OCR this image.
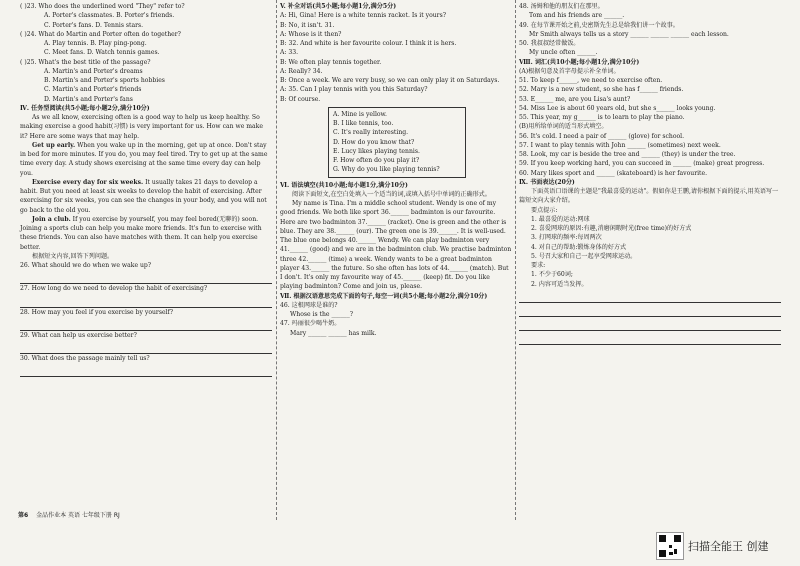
( )23. Who does the underlined word "They" refer to?

A. Porter's classmates. B. Porter's friends.

C. Porter's fans. D. Tennis stars.

( )24. What do Martin and Porter often do together?

A. Play tennis. B. Play ping-pong.

C. Meet fans. D. Watch tennis games.

( )25. What's the best title of the passage?

A. Martin's and Porter's dreams

B. Martin's and Porter's sports hobbies

C. Martin's and Porter's friends

D. Martin's and Porter's fans

Ⅳ. 任务型阅读(共5小题;每小题2分,满分10分)

As we all know, exercising often is a good way to help us keep healthy. So making exercise a good habit(习惯) is very important for us. How can we make it? Here are some ways that may help.

Get up early. When you wake up in the morning, get up at once. Don't stay in bed for more minutes. If you do, you may feel tired. Try to get up at the same time every day. A study shows exercising at the same time every day can help you.

Exercise every day for six weeks. It usually takes 21 days to develop a habit. But you need at least six weeks to develop the habit of exercising. After exercising for six weeks, you can see the changes in your body, and you will not go back to the old you.

Join a club. If you exercise by yourself, you may feel bored(无聊的) soon. Joining a sports club can help you make more friends. It's fun to exercise with these friends. You can also have matches with them. It can help you exercise better.

根据短文内容,回答下列问题。

26. What should we do when we wake up?

27. How long do we need to develop the habit of exercising?

28. How may you feel if you exercise by yourself?

29. What can help us exercise better?

30. What does the passage mainly tell us?

V. 补全对话(共5小题;每小题1分,满分5分)

A: Hi, Gina! Here is a white tennis racket. Is it yours?

B: No, it isn't. 31.

A: Whose is it then?

B: 32. And white is her favourite colour. I think it is hers.

A: 33.

B: We often play tennis together.

A: Really? 34.

B: Once a week. We are very busy, so we can only play it on Saturdays.

A: 35. Can I play tennis with you this Saturday?

B: Of course.

A. Mine is yellow.

B. I like tennis, too.

C. It's really interesting.

D. How do you know that?

E. Lucy likes playing tennis.

F. How often do you play it?

G. Why do you like playing tennis?

Ⅵ. 语法填空(共10小题;每小题1分,满分10分)

阅读下面短文,在空白处填入一个适当的词,或填入括号中单词的正确形式。

My name is Tina. I'm a middle school student. Wendy is one of my good friends. We both like sport 36.______ badminton is our favourite. Here are two badminton 37.______ (racket). One is green and the other is blue. They are 38.______ (our). The green one is 39.______. It is well-used. The blue one belongs 40.______ Wendy. We can play badminton very 41.______ (good) and we are in the badminton club. We practise badminton three 42.______ (time) a week. Wendy wants to be a great badminton player 43.______ the future. So she often has lots of 44.______ (match). But I don't. It's only my favourite way of 45.______ (keep) fit. Do you like playing badminton? Come and join us, please.

Ⅶ. 根据汉语意思完成下面的句子,每空一词(共5小题;每小题2分,满分10分)

46. 这根网球是谁的?

Whose is the ______?

47. 玛丽很少喝牛奶。

Mary ______ ______ has milk.

48. 汤姆和他的朋友们在那里。

Tom and his friends are ______.

49. 在每节课开始之前,史密斯先生总是给我们讲一个故事。

Mr Smith always tells us a story ______ ______ ______ each lesson.

50. 我叔叔经常做饭。

My uncle often ______.

Ⅷ. 词汇(共10小题;每小题1分,满分10分)

(A)根据句意及首字母提示补全单词。

51. To keep f______, we need to exercise often.

52. Mary is a new student, so she has f______ friends.

53. E______ me, are you Lisa's aunt?

54. Miss Lee is about 60 years old, but she s______ looks young.

55. This year, my g______ is to learn to play the piano.

(B)用所给单词的适当形式填空。

56. It's cold. I need a pair of ______ (glove) for school.

57. I want to play tennis with John ______ (sometimes) next week.

58. Look, my car is beside the tree and ______ (they) is under the tree.

59. If you keep working hard, you can succeed in ______ (make) great progress.

60. Mary likes sport and ______ (skateboard) is her favourite.

Ⅸ. 书面表达(20分)

下面英语口语课的主题是"我最喜爱的运动"。假如你是王鹏,请你根据下面的提示,用英语写一篇短文向大家介绍。

要点提示:

1. 最喜爱的运动:网球

2. 喜爱网球的原因:有趣,消磨闲暇时光(free time)的好方式

3. 打网球的频率:每周两次

4. 对自己的帮助:锻炼身体的好方式

5. 号召大家和自己一起享受网球运动。

要求:

1. 不少于60词;

2. 内容可适当发挥。

第6 金品作业本 英语 七年级下册 RJ
扫描全能王 创建
